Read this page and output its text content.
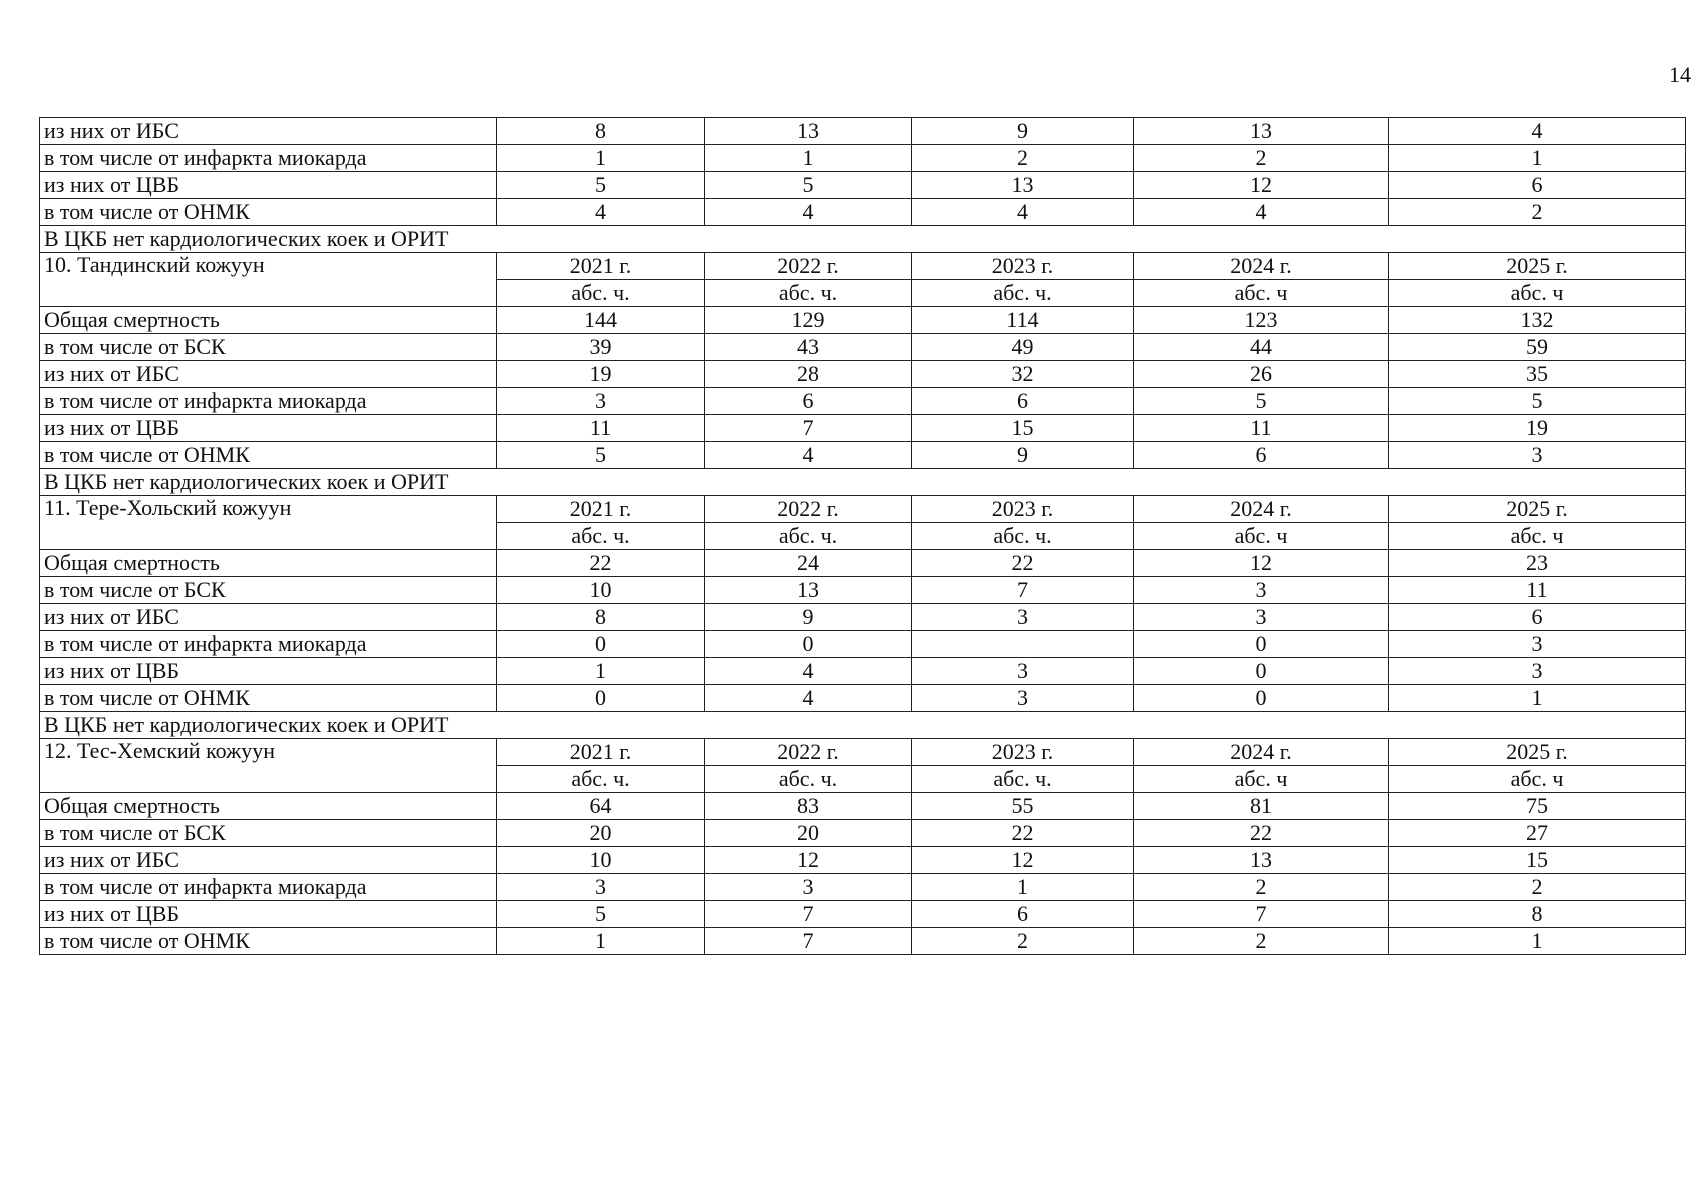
14
из них от ИБС	8	13	9	13	4
в том числе от инфаркта миокарда	1	1	2	2	1
из них от ЦВБ	5	5	13	12	6
в том числе от ОНМК	4	4	4	4	2
В ЦКБ нет кардиологических коек и ОРИТ					
10. Тандинский кожуун	2021 г.	2022 г.	2023 г.	2024 г.	2025 г.
	абс. ч.	абс. ч.	абс. ч.	абс. ч	абс. ч
Общая смертность	144	129	114	123	132
в том числе от БСК	39	43	49	44	59
из них от ИБС	19	28	32	26	35
в том числе от инфаркта миокарда	3	6	6	5	5
из них от ЦВБ	11	7	15	11	19
в том числе от ОНМК	5	4	9	6	3
В ЦКБ нет кардиологических коек и ОРИТ					
11. Тере-Хольский кожуун	2021 г.	2022 г.	2023 г.	2024 г.	2025 г.
	абс. ч.	абс. ч.	абс. ч.	абс. ч	абс. ч
Общая смертность	22	24	22	12	23
в том числе от БСК	10	13	7	3	11
из них от ИБС	8	9	3	3	6
в том числе от инфаркта миокарда	0	0		0	3
из них от ЦВБ	1	4	3	0	3
в том числе от ОНМК	0	4	3	0	1
В ЦКБ нет кардиологических коек и ОРИТ					
12. Тес-Хемский кожуун	2021 г.	2022 г.	2023 г.	2024 г.	2025 г.
	абс. ч.	абс. ч.	абс. ч.	абс. ч	абс. ч
Общая смертность	64	83	55	81	75
в том числе от БСК	20	20	22	22	27
из них от ИБС	10	12	12	13	15
в том числе от инфаркта миокарда	3	3	1	2	2
из них от ЦВБ	5	7	6	7	8
в том числе от ОНМК	1	7	2	2	1
